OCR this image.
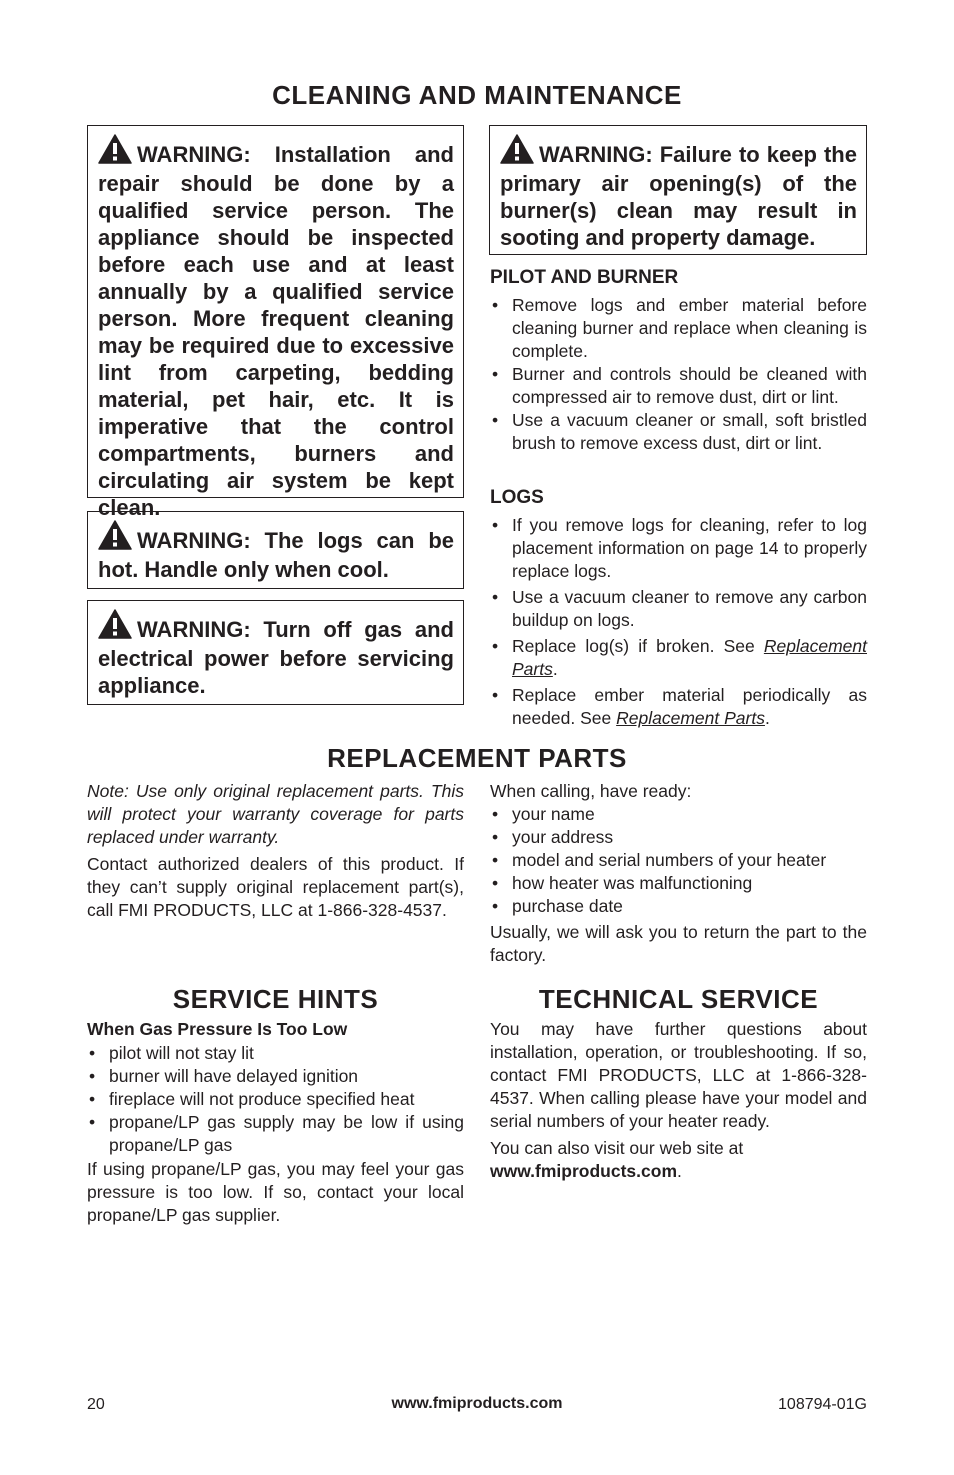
CLEANING AND MAINTENANCE
WARNING: Installation and repair should be done by a qualified service person. The appliance should be inspected before each use and at least annually by a qualified service person. More frequent cleaning may be required due to excessive lint from carpeting, bedding material, pet hair, etc. It is imperative that the control compartments, burners and circulating air system be kept clean.
WARNING: The logs can be hot. Handle only when cool.
WARNING: Turn off gas and electrical power before servicing appliance.
WARNING: Failure to keep the primary air opening(s) of the burner(s) clean may result in sooting and property damage.

PILOT AND BURNER

• Remove logs and ember material before cleaning burner and replace when cleaning is complete.
• Burner and controls should be cleaned with compressed air to remove dust, dirt or lint.
• Use a vacuum cleaner or small, soft bristled brush to remove excess dust, dirt or lint.

LOGS

• If you remove logs for cleaning, refer to log placement information on page 14 to properly replace logs.
• Use a vacuum cleaner to remove any carbon buildup on logs.
• Replace log(s) if broken. See Replacement Parts.
• Replace ember material periodically as needed. See Replacement Parts.
REPLACEMENT PARTS

Note: Use only original replacement parts. This will protect your warranty coverage for parts replaced under warranty.

Contact authorized dealers of this product. If they can’t supply original replacement part(s), call FMI PRODUCTS, LLC at 1-866-328-4537.

When calling, have ready:

• your name
• your address
• model and serial numbers of your heater
• how heater was malfunctioning
• purchase date

Usually, we will ask you to return the part to the factory.

SERVICE HINTS

When Gas Pressure Is Too Low

• pilot will not stay lit
• burner will have delayed ignition
• fireplace will not produce specified heat
• propane/LP gas supply may be low if using propane/LP gas

If using propane/LP gas, you may feel your gas pressure is too low. If so, contact your local propane/LP gas supplier.

TECHNICAL SERVICE

You may have further questions about installation, operation, or troubleshooting. If so, contact FMI PRODUCTS, LLC at 1-866-328-4537. When calling please have your model and serial numbers of your heater ready.

You can also visit our web site at

www.fmiproducts.com.

20	www.fmiproducts.com	108794-01G
